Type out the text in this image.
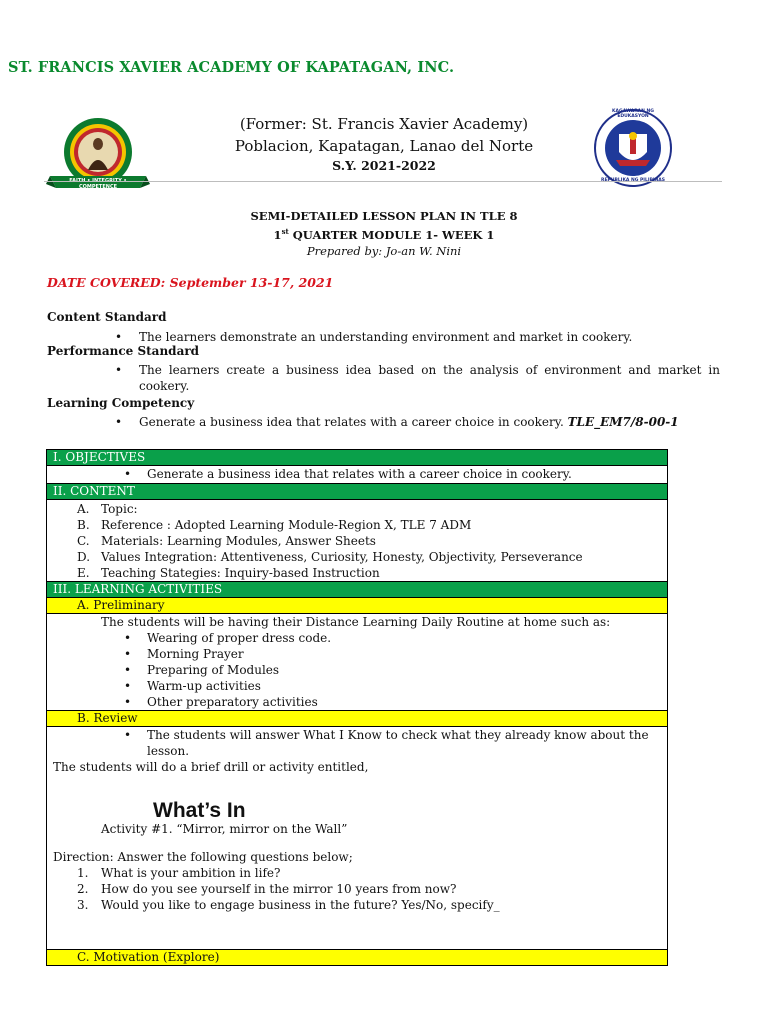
ST. FRANCIS XAVIER ACADEMY OF KAPATAGAN, INC.
COMPETENCE
KAGAWARAN NG EDUKASYON
(Former: St. Francis Xavier Academy)
Poblacion, Kapatagan, Lanao del Norte
S.Y. 2021-2022
SEMI-DETAILED LESSON PLAN IN TLE 8
1st QUARTER MODULE 1- WEEK 1
Prepared by: Jo-an W. Nini
DATE COVERED: September 13-17, 2021
Content Standard
•	The learners demonstrate an understanding environment and market in cookery.
Performance Standard
•	The learners create a business idea based on the analysis of environment and market in cookery.
Learning Competency
•	Generate a business idea that relates with a career choice in cookery. TLE_EM7/8-00-1
I. OBJECTIVES
• Generate a business idea that relates with a career choice in cookery.
II. CONTENT
A. Topic:
B. Reference : Adopted Learning Module-Region X, TLE 7 ADM
C. Materials: Learning Modules, Answer Sheets
D. Values Integration: Attentiveness, Curiosity, Honesty, Objectivity, Perseverance
E. Teaching Stategies: Inquiry-based Instruction
III. LEARNING ACTIVITIES
A. Preliminary
The students will be having their Distance Learning Daily Routine at home such as:
• Wearing of proper dress code.
• Morning Prayer
• Preparing of Modules
• Warm-up activities
• Other preparatory activities
B. Review
• The students will answer What I Know to check what they already know about the lesson.
The students will do a brief drill or activity entitled,
What’s In
Activity #1. “Mirror, mirror on the Wall”
Direction: Answer the following questions below;
1. What is your ambition in life?
2. How do you see yourself in the mirror 10 years from now?
3. Would you like to engage business in the future? Yes/No, specify_
C. Motivation (Explore)
